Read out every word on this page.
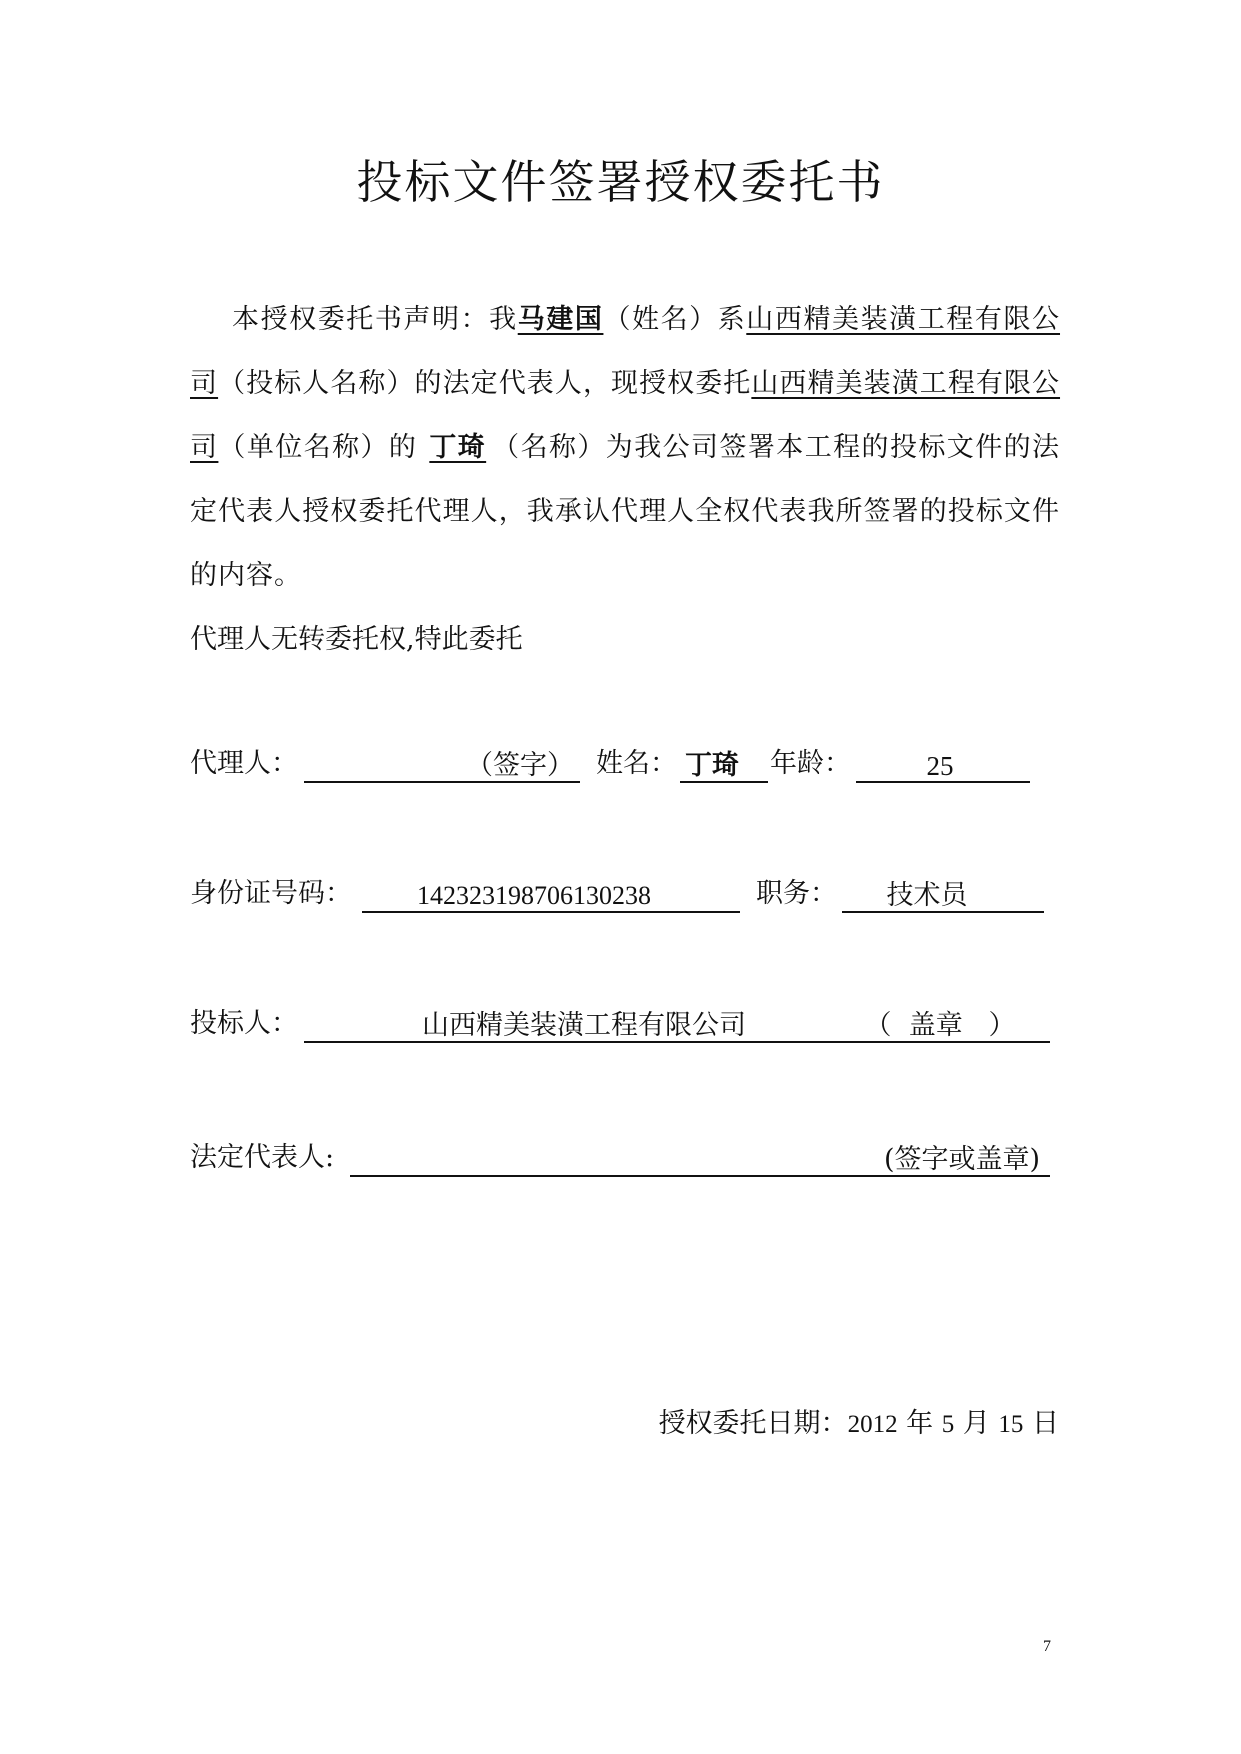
投标文件签署授权委托书

本授权委托书声明：我马建国（姓名）系山西精美装潢工程有限公司（投标人名称）的法定代表人，现授权委托山西精美装潢工程有限公司（单位名称）的 丁琦 （名称）为我公司签署本工程的投标文件的法定代表人授权委托代理人，我承认代理人全权代表我所签署的投标文件的内容。

代理人无转委托权,特此委托
代理人：	（签字） 姓名： 丁琦 年龄：	25
身份证号码：	142323198706130238	职务：	技术员
投标人：	山西精美装潢工程有限公司	（  盖章   ）
法定代表人:	(签字或盖章)
授权委托日期：2012 年 5 月 15 日
7
